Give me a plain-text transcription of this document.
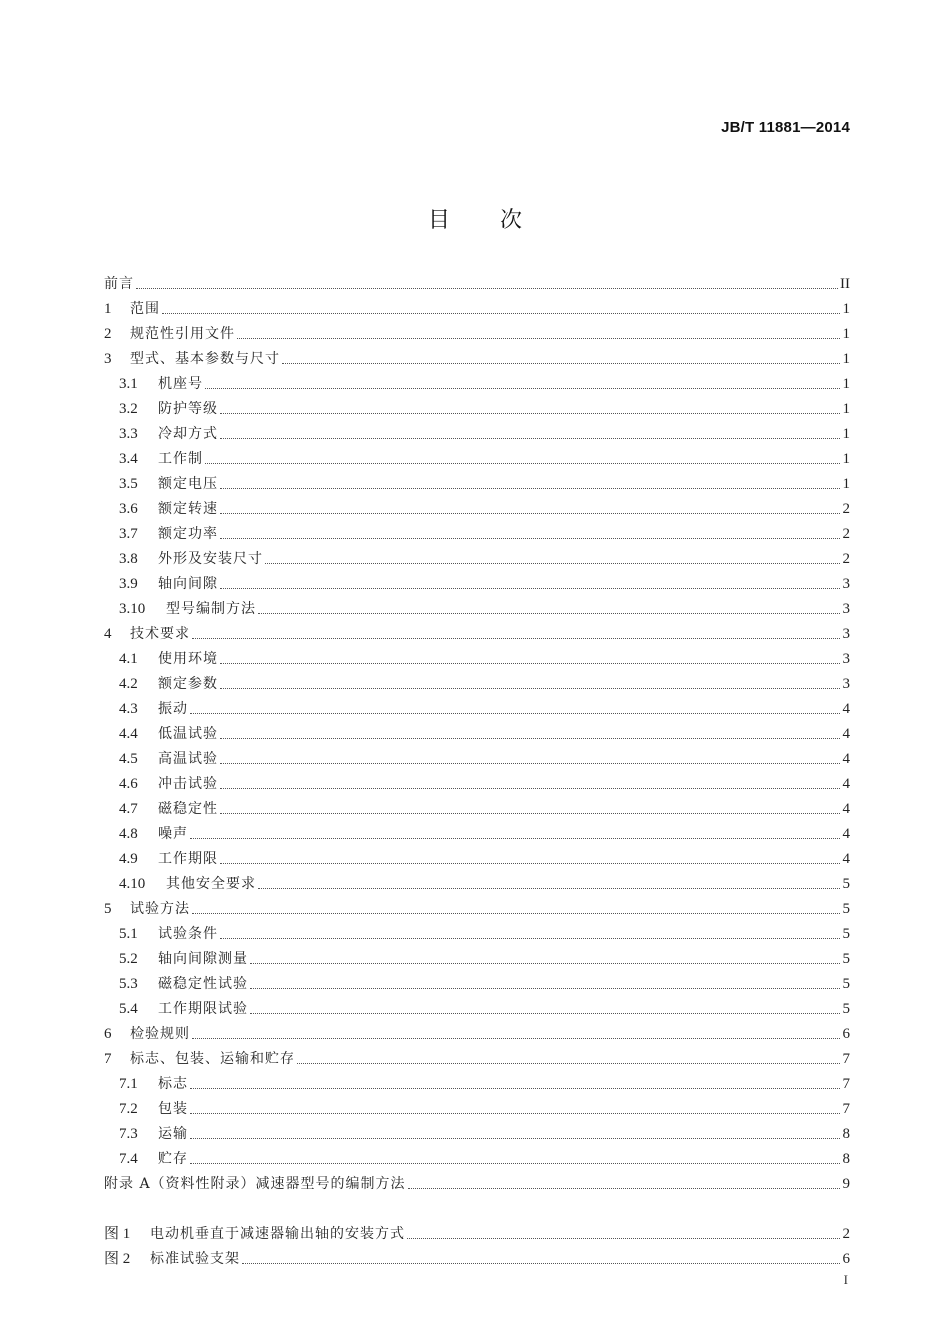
JB/T 11881—2014
目 次
前言	II
1	范围	1
2	规范性引用文件	1
3	型式、基本参数与尺寸	1
3.1	机座号	1
3.2	防护等级	1
3.3	冷却方式	1
3.4	工作制	1
3.5	额定电压	1
3.6	额定转速	2
3.7	额定功率	2
3.8	外形及安装尺寸	2
3.9	轴向间隙	3
3.10	型号编制方法	3
4	技术要求	3
4.1	使用环境	3
4.2	额定参数	3
4.3	振动	4
4.4	低温试验	4
4.5	高温试验	4
4.6	冲击试验	4
4.7	磁稳定性	4
4.8	噪声	4
4.9	工作期限	4
4.10	其他安全要求	5
5	试验方法	5
5.1	试验条件	5
5.2	轴向间隙测量	5
5.3	磁稳定性试验	5
5.4	工作期限试验	5
6	检验规则	6
7	标志、包装、运输和贮存	7
7.1	标志	7
7.2	包装	7
7.3	运输	8
7.4	贮存	8
附录 A（资料性附录）减速器型号的编制方法	9
图 1	电动机垂直于减速器输出轴的安装方式	2
图 2	标准试验支架	6
I
